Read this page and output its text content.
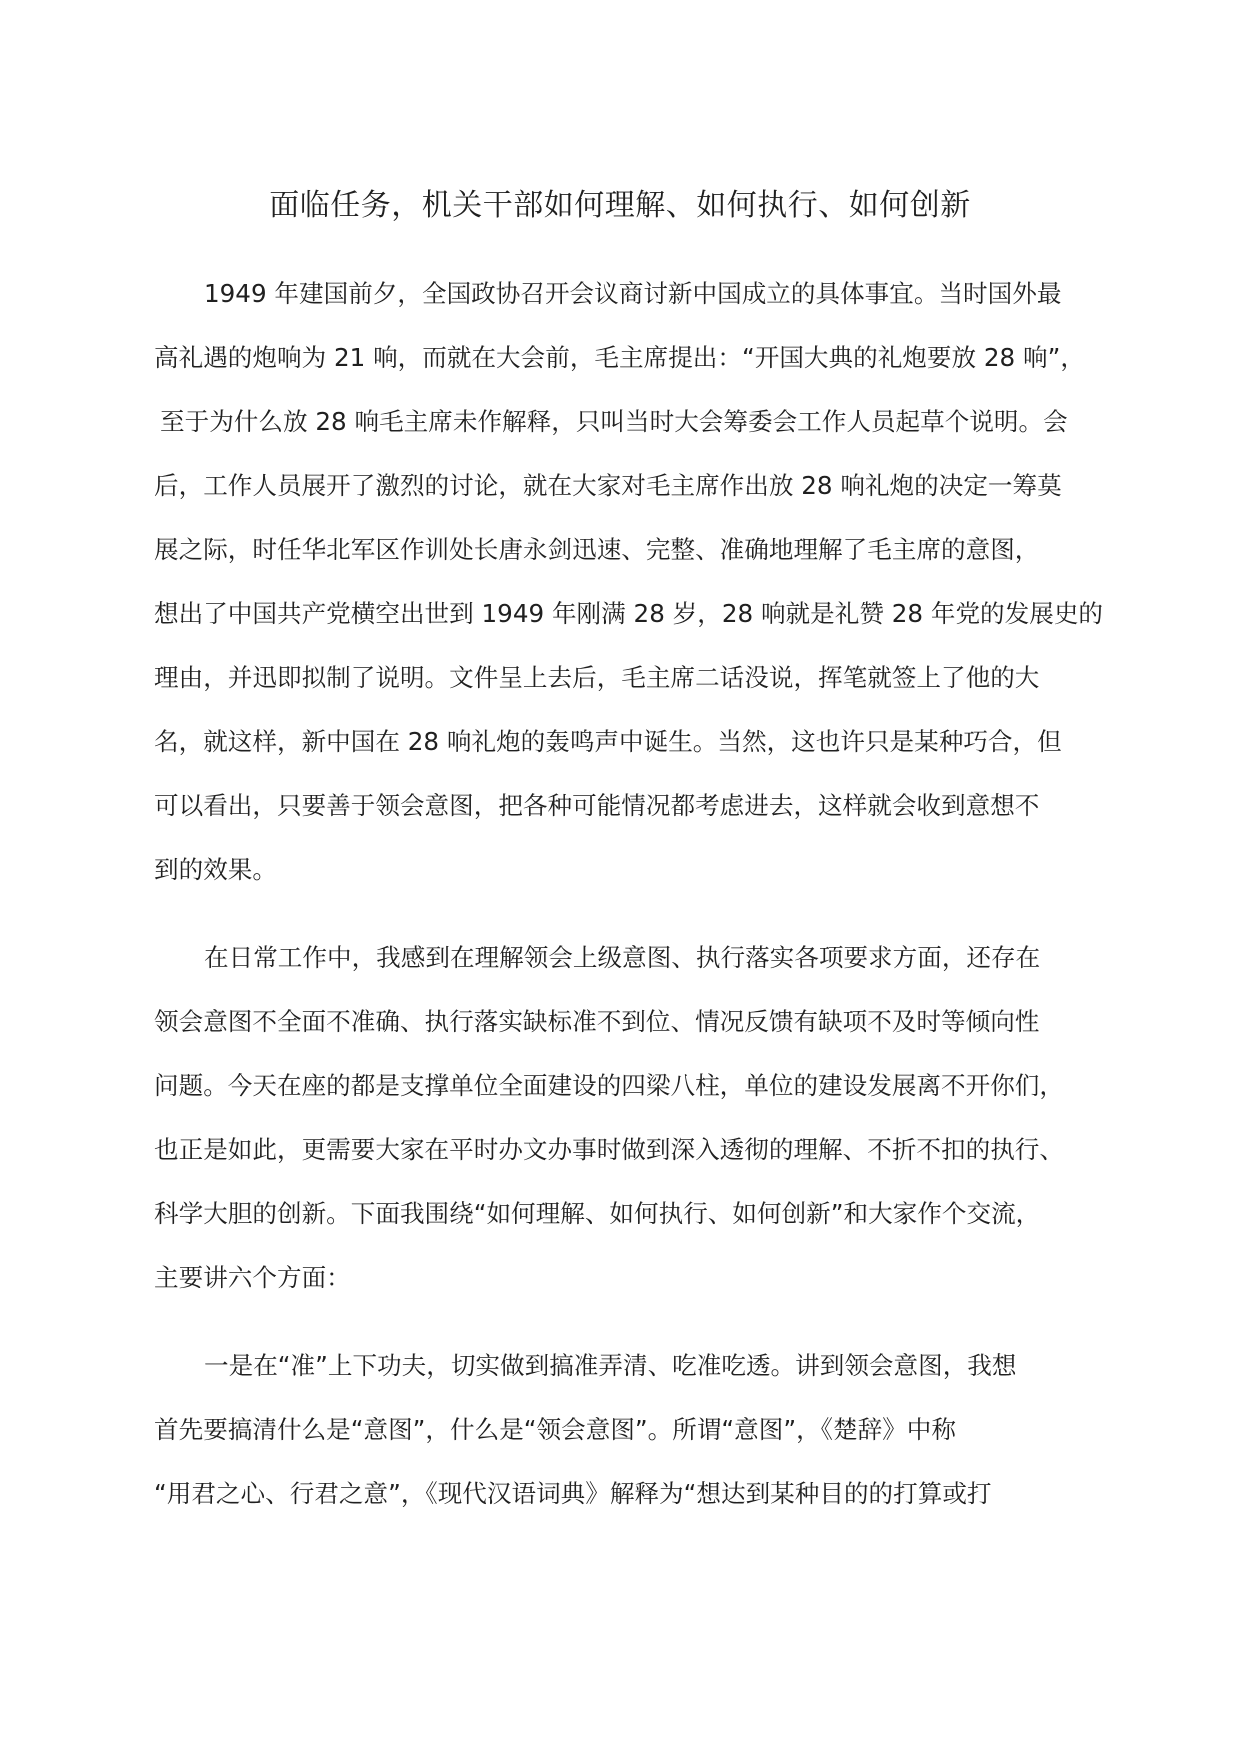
面临任务，机关干部如何理解、如何执行、如何创新
1949 年建国前夕，全国政协召开会议商讨新中国成立的具体事宜。当时国外最
高礼遇的炮响为 21 响，而就在大会前，毛主席提出：“开国大典的礼炮要放 28 响”，
至于为什么放 28 响毛主席未作解释，只叫当时大会筹委会工作人员起草个说明。会
后，工作人员展开了激烈的讨论，就在大家对毛主席作出放 28 响礼炮的决定一筹莫
展之际，时任华北军区作训处长唐永剑迅速、完整、准确地理解了毛主席的意图，
想出了中国共产党横空出世到 1949 年刚满 28 岁，28 响就是礼赞 28 年党的发展史的
理由，并迅即拟制了说明。文件呈上去后，毛主席二话没说，挥笔就签上了他的大
名，就这样，新中国在 28 响礼炮的轰鸣声中诞生。当然，这也许只是某种巧合，但
可以看出，只要善于领会意图，把各种可能情况都考虑进去，这样就会收到意想不
到的效果。
在日常工作中，我感到在理解领会上级意图、执行落实各项要求方面，还存在
领会意图不全面不准确、执行落实缺标准不到位、情况反馈有缺项不及时等倾向性
问题。今天在座的都是支撑单位全面建设的四梁八柱，单位的建设发展离不开你们，
也正是如此，更需要大家在平时办文办事时做到深入透彻的理解、不折不扣的执行、
科学大胆的创新。下面我围绕“如何理解、如何执行、如何创新”和大家作个交流，
主要讲六个方面：
一是在“准”上下功夫，切实做到搞准弄清、吃准吃透。讲到领会意图，我想
首先要搞清什么是“意图”，什么是“领会意图”。所谓“意图”，《楚辞》中称
“用君之心、行君之意”，《现代汉语词典》解释为“想达到某种目的的打算或打
